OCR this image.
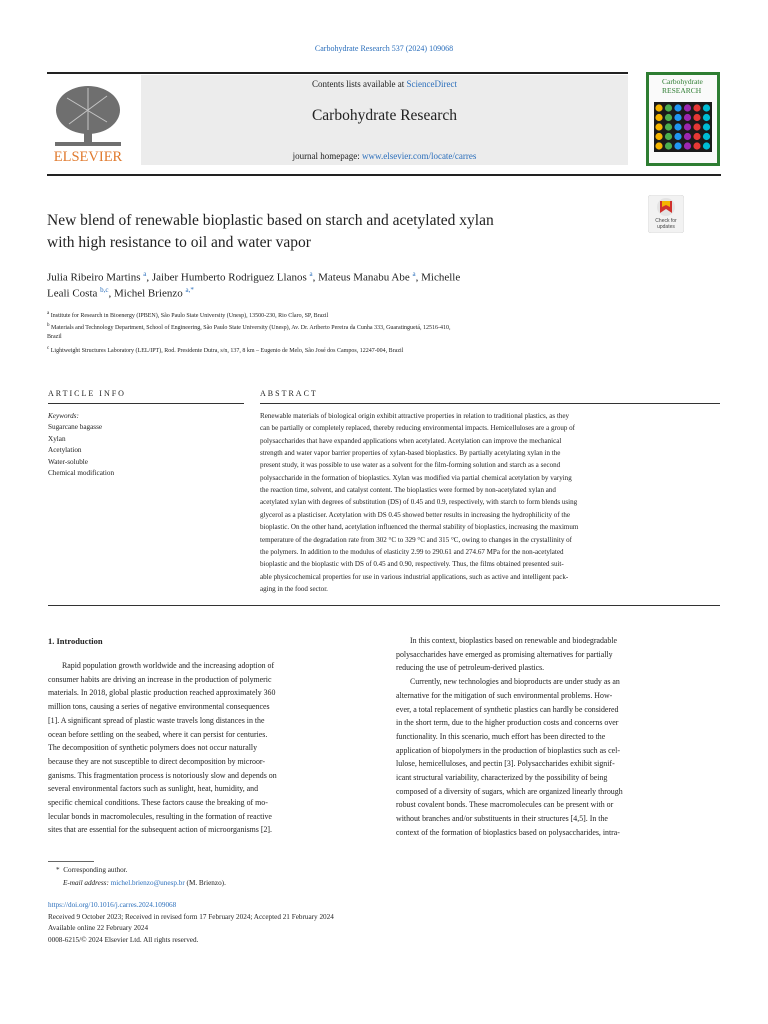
Carbohydrate Research 537 (2024) 109068
Contents lists available at ScienceDirect
Carbohydrate Research
journal homepage: www.elsevier.com/locate/carres
ELSEVIER
Carbohydrate
RESEARCH
Check for
updates
New blend of renewable bioplastic based on starch and acetylated xylan
with high resistance to oil and water vapor
Julia Ribeiro Martins $^a$, Jaiber Humberto Rodriguez Llanos $^a$, Mateus Manabu Abe $^a$, Michelle
Leali Costa $^{b,c}$, Michel Brienzo $^{a,*}$
$^a$ Institute for Research in Bioenergy (IPBEN), São Paulo State University (Unesp), 13500-230, Rio Claro, SP, Brazil
$^b$ Materials and Technology Department, School of Engineering, São Paulo State University (Unesp), Av. Dr. Ariberto Pereira da Cunha 333, Guaratinguetá, 12516-410,
Brazil
$^c$ Lightweight Structures Laboratory (LEL/IPT), Rod. Presidente Dutra, s/n, 137, 8 km – Eugenio de Melo, São José dos Campos, 12247-004, Brazil
ARTICLE INFO	ABSTRACT
Keywords:
Sugarcane bagasse
Xylan
Acetylation
Water-soluble
Chemical modification
Renewable materials of biological origin exhibit attractive properties in relation to traditional plastics, as they
can be partially or completely replaced, thereby reducing environmental impacts. Hemicelluloses are a group of
polysaccharides that have expanded applications when acetylated. Acetylation can improve the mechanical
strength and water vapor barrier properties of xylan-based bioplastics. By partially acetylating xylan in the
present study, it was possible to use water as a solvent for the film-forming solution and starch as a second
polysaccharide in the formation of bioplastics. Xylan was modified via partial chemical acetylation by varying
the reaction time, solvent, and catalyst content. The bioplastics were formed by non-acetylated xylan and
acetylated xylan with degrees of substitution (DS) of 0.45 and 0.9, respectively, with starch to form blends using
glycerol as a plasticiser. Acetylation with DS 0.45 showed better results in increasing the hydrophilicity of the
bioplastic. On the other hand, acetylation influenced the thermal stability of bioplastics, increasing the maximum
temperature of the degradation rate from 302 °C to 329 °C and 315 °C, owing to changes in the crystallinity of
the polymers. In addition to the modulus of elasticity 2.99 to 290.61 and 274.67 MPa for the non-acetylated
bioplastic and the bioplastic with DS of 0.45 and 0.90, respectively. Thus, the films obtained presented suit-
able physicochemical properties for use in various industrial applications, such as active and intelligent pack-
aging in the food sector.
1. Introduction
Rapid population growth worldwide and the increasing adoption of
consumer habits are driving an increase in the production of polymeric
materials. In 2018, global plastic production reached approximately 360
million tons, causing a series of negative environmental consequences
[1]. A significant spread of plastic waste travels long distances in the
ocean before settling on the seabed, where it can persist for centuries.
The decomposition of synthetic polymers does not occur naturally
because they are not susceptible to direct decomposition by microor-
ganisms. This fragmentation process is notoriously slow and depends on
several environmental factors such as sunlight, heat, humidity, and
specific chemical conditions. These factors cause the breaking of mo-
lecular bonds in macromolecules, resulting in the formation of reactive
sites that are essential for the subsequent action of microorganisms [2].
In this context, bioplastics based on renewable and biodegradable
polysaccharides have emerged as promising alternatives for partially
reducing the use of petroleum-derived plastics.
Currently, new technologies and bioproducts are under study as an
alternative for the mitigation of such environmental problems. How-
ever, a total replacement of synthetic plastics can hardly be considered
in the short term, due to the higher production costs and concerns over
functionality. In this scenario, much effort has been directed to the
application of biopolymers in the production of bioplastics such as cel-
lulose, hemicelluloses, and pectin [3]. Polysaccharides exhibit signif-
icant structural variability, characterized by the possibility of being
composed of a diversity of sugars, which are organized linearly through
robust covalent bonds. These macromolecules can be present with or
without branches and/or substituents in their structures [4,5]. In the
context of the formation of bioplastics based on polysaccharides, intra-
* Corresponding author.
E-mail address: michel.brienzo@unesp.br (M. Brienzo).
https://doi.org/10.1016/j.carres.2024.109068
Received 9 October 2023; Received in revised form 17 February 2024; Accepted 21 February 2024
Available online 22 February 2024
0008-6215/© 2024 Elsevier Ltd. All rights reserved.
